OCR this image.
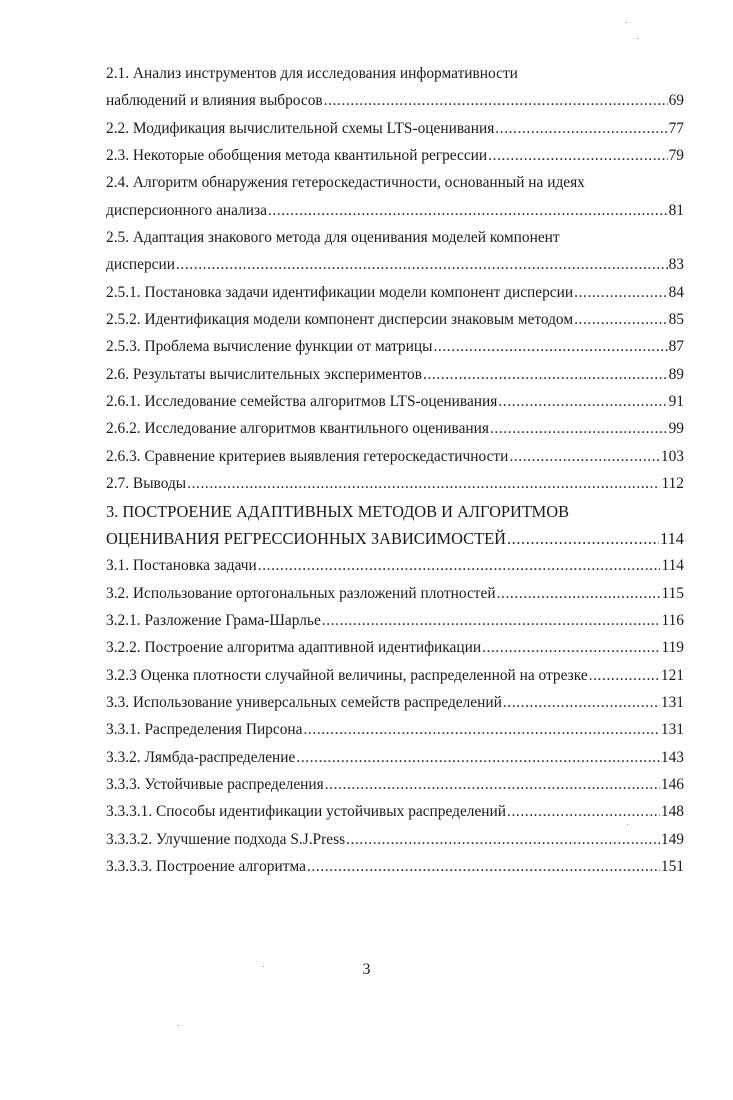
2.1. Анализ инструментов для исследования информативности
наблюдений и влияния выбросов .....	69
2.2. Модификация вычислительной схемы LTS-оценивания .....	77
2.3. Некоторые обобщения метода квантильной регрессии .....	79
2.4. Алгоритм обнаружения гетероскедастичности, основанный на идеях
дисперсионного анализа .....	81
2.5. Адаптация знакового метода для оценивания моделей компонент
дисперсии .....	83
2.5.1. Постановка задачи идентификации модели компонент дисперсии .....	84
2.5.2. Идентификация модели компонент дисперсии знаковым методом .....	85
2.5.3. Проблема вычисление функции от матрицы .....	87
2.6. Результаты вычислительных экспериментов .....	89
2.6.1. Исследование семейства алгоритмов LTS-оценивания .....	91
2.6.2. Исследование алгоритмов квантильного оценивания .....	99
2.6.3. Сравнение критериев выявления гетероскедастичности .....	103
2.7. Выводы .....	112
3. ПОСТРОЕНИЕ АДАПТИВНЫХ МЕТОДОВ И АЛГОРИТМОВ
ОЦЕНИВАНИЯ РЕГРЕССИОННЫХ ЗАВИСИМОСТЕЙ .....	114
3.1. Постановка задачи .....	114
3.2. Использование ортогональных разложений плотностей .....	115
3.2.1. Разложение Грама-Шарлье .....	116
3.2.2. Построение алгоритма адаптивной идентификации .....	119
3.2.3 Оценка плотности случайной величины, распределенной на отрезке .....	121
3.3. Использование универсальных семейств распределений .....	131
3.3.1. Распределения Пирсона .....	131
3.3.2. Лямбда-распределение .....	143
3.3.3. Устойчивые распределения .....	146
3.3.3.1. Способы идентификации устойчивых распределений .....	148
3.3.3.2. Улучшение подхода S.J.Press .....	149
3.3.3.3. Построение алгоритма .....	151
3
